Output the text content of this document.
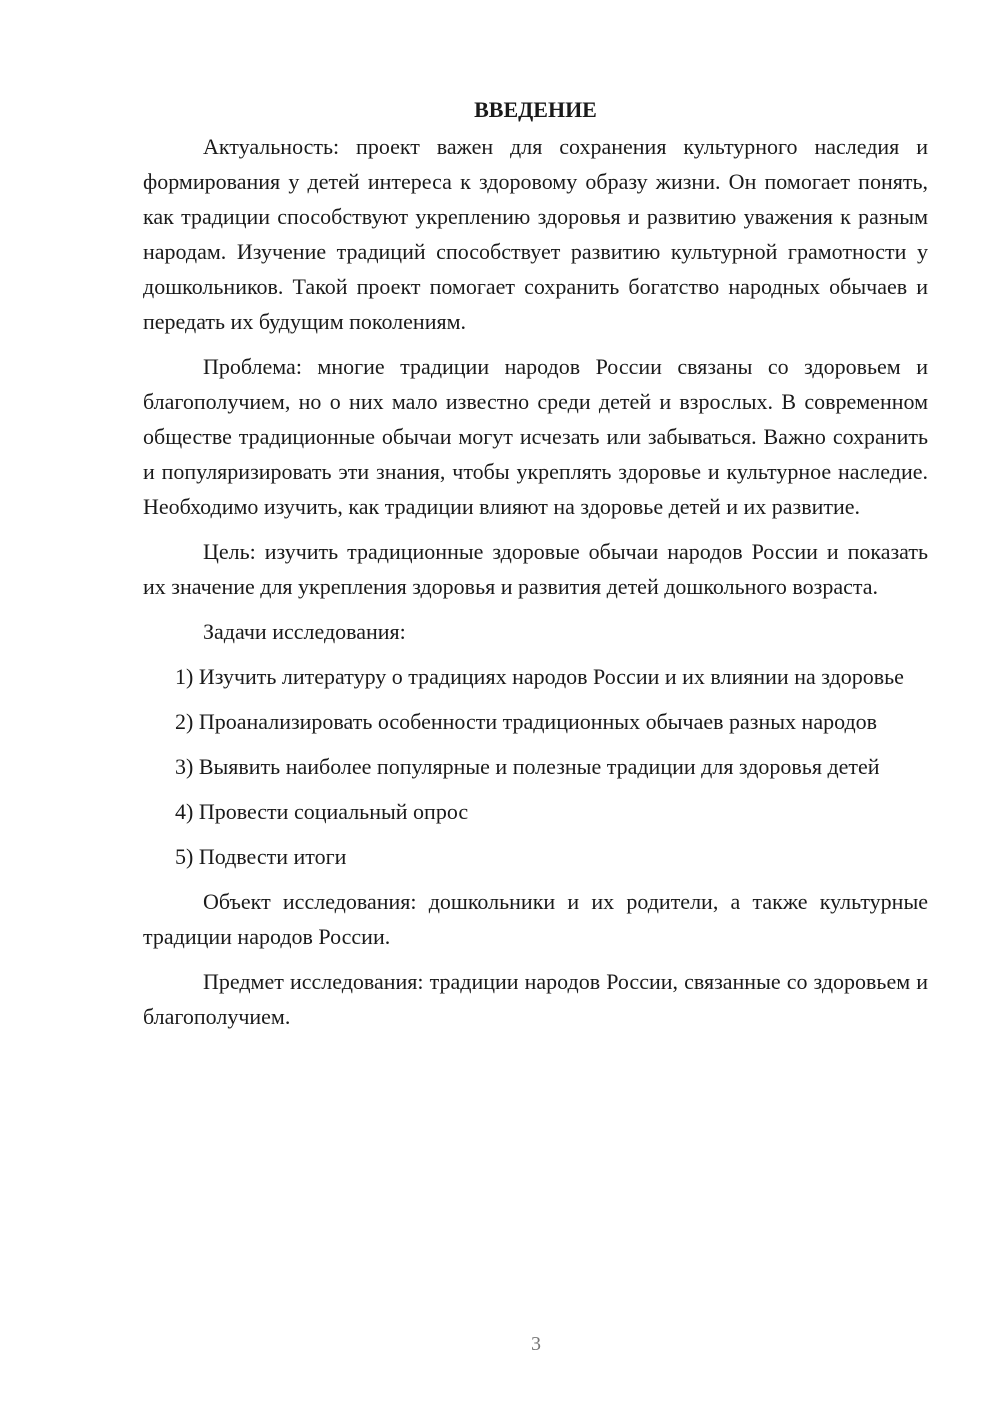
ВВЕДЕНИЕ

Актуальность: проект важен для сохранения культурного наследия и формирования у детей интереса к здоровому образу жизни. Он помогает понять, как традиции способствуют укреплению здоровья и развитию уважения к разным народам. Изучение традиций способствует развитию культурной грамотности у дошкольников. Такой проект помогает сохранить богатство народных обычаев и передать их будущим поколениям.

Проблема: многие традиции народов России связаны со здоровьем и благополучием, но о них мало известно среди детей и взрослых. В современном обществе традиционные обычаи могут исчезать или забываться. Важно сохранить и популяризировать эти знания, чтобы укреплять здоровье и культурное наследие. Необходимо изучить, как традиции влияют на здоровье детей и их развитие.

Цель: изучить традиционные здоровые обычаи народов России и показать их значение для укрепления здоровья и развития детей дошкольного возраста.

Задачи исследования:

1) Изучить литературу о традициях народов России и их влиянии на здоровье

2) Проанализировать особенности традиционных обычаев разных народов

3) Выявить наиболее популярные и полезные традиции для здоровья детей

4) Провести социальный опрос

5) Подвести итоги

Объект исследования: дошкольники и их родители, а также культурные традиции народов России.

Предмет исследования: традиции народов России, связанные со здоровьем и благополучием.

3
